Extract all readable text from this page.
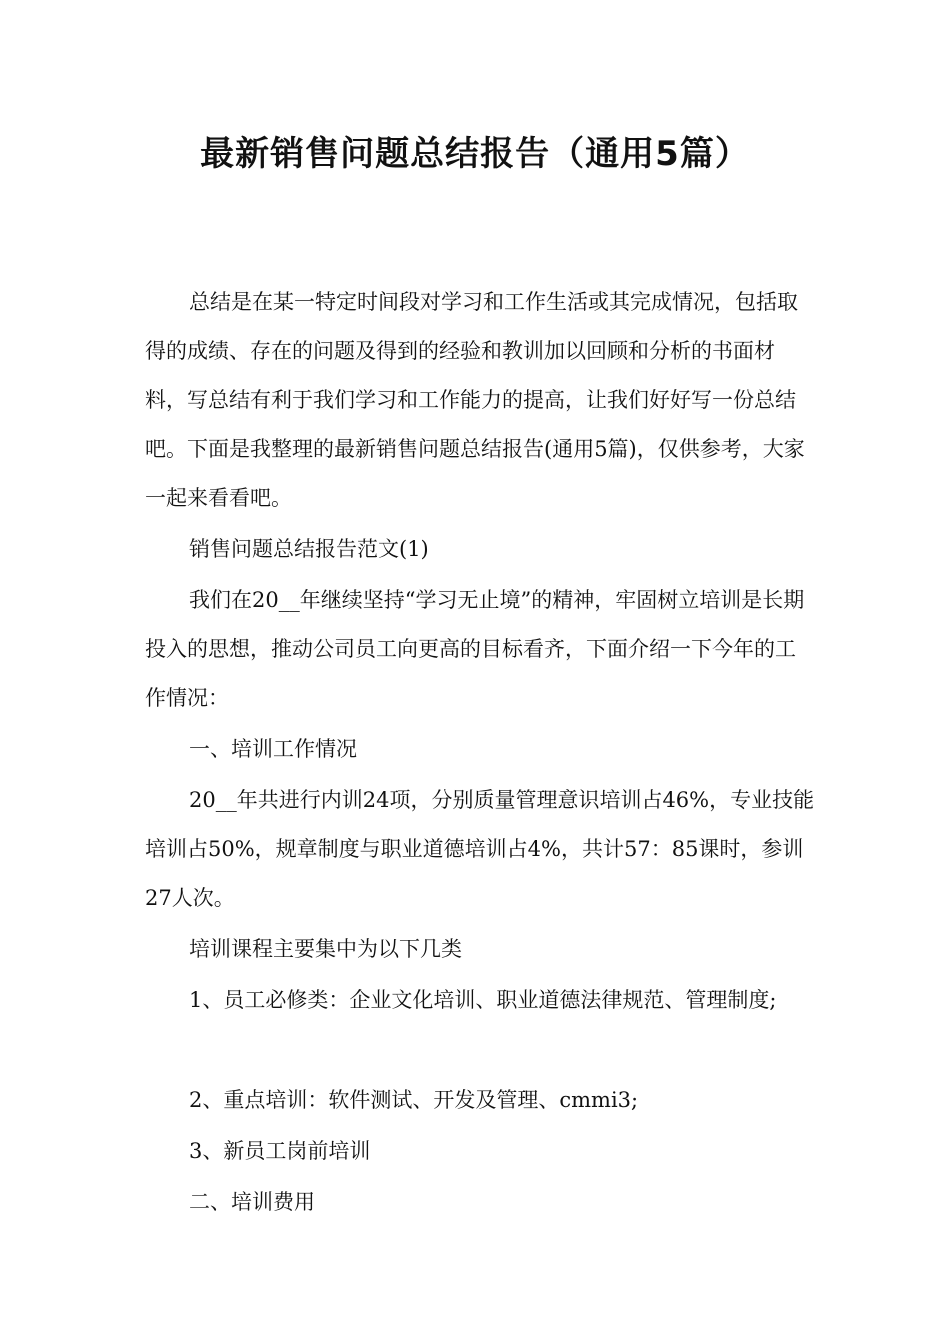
最新销售问题总结报告（通用5篇）

总结是在某一特定时间段对学习和工作生活或其完成情况，包括取得的成绩、存在的问题及得到的经验和教训加以回顾和分析的书面材料，写总结有利于我们学习和工作能力的提高，让我们好好写一份总结吧。下面是我整理的最新销售问题总结报告(通用5篇)，仅供参考，大家一起来看看吧。

销售问题总结报告范文(1)

我们在20__年继续坚持“学习无止境”的精神，牢固树立培训是长期投入的思想，推动公司员工向更高的目标看齐，下面介绍一下今年的工作情况：

一、培训工作情况

20__年共进行内训24项，分别质量管理意识培训占46%，专业技能培训占50%，规章制度与职业道德培训占4%，共计57：85课时，参训27人次。

培训课程主要集中为以下几类

1、员工必修类：企业文化培训、职业道德法律规范、管理制度;

2、重点培训：软件测试、开发及管理、cmmi3;

3、新员工岗前培训

二、培训费用
